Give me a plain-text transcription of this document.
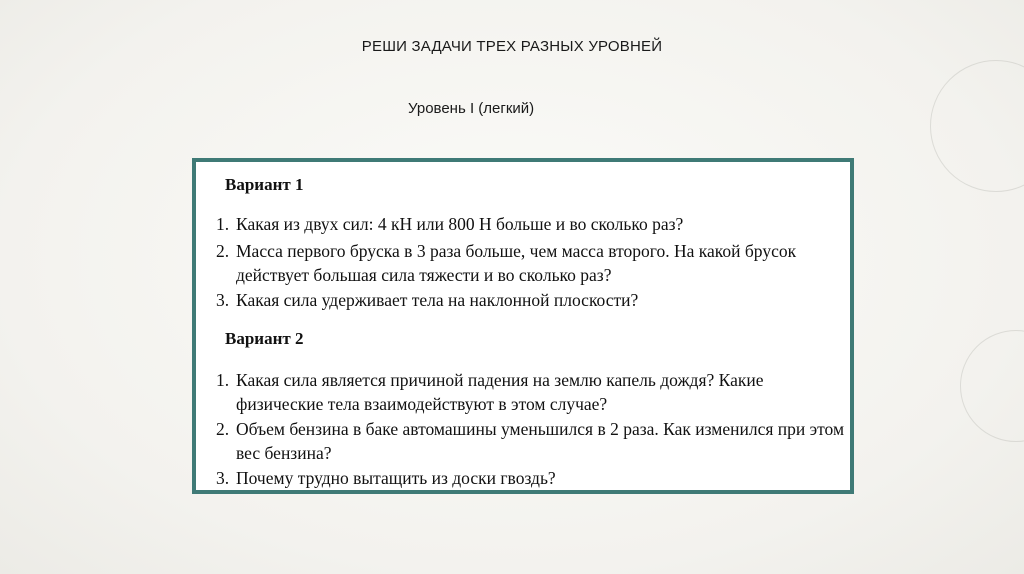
РЕШИ ЗАДАЧИ ТРЕХ РАЗНЫХ УРОВНЕЙ
Уровень I (легкий)
Вариант 1
1. Какая из двух сил: 4 кН или 800 Н больше и во сколько раз?
2. Масса первого бруска в 3 раза больше, чем масса второго. На какой брусок действует большая сила тяжести и во сколько раз?
3. Какая сила удерживает тела на наклонной плоскости?
Вариант 2
1. Какая сила является причиной падения на землю капель дождя? Какие физические тела взаимодействуют в этом случае?
2. Объем бензина в баке автомашины уменьшился в 2 раза. Как изменился при этом вес бензина?
3. Почему трудно вытащить из доски гвоздь?
